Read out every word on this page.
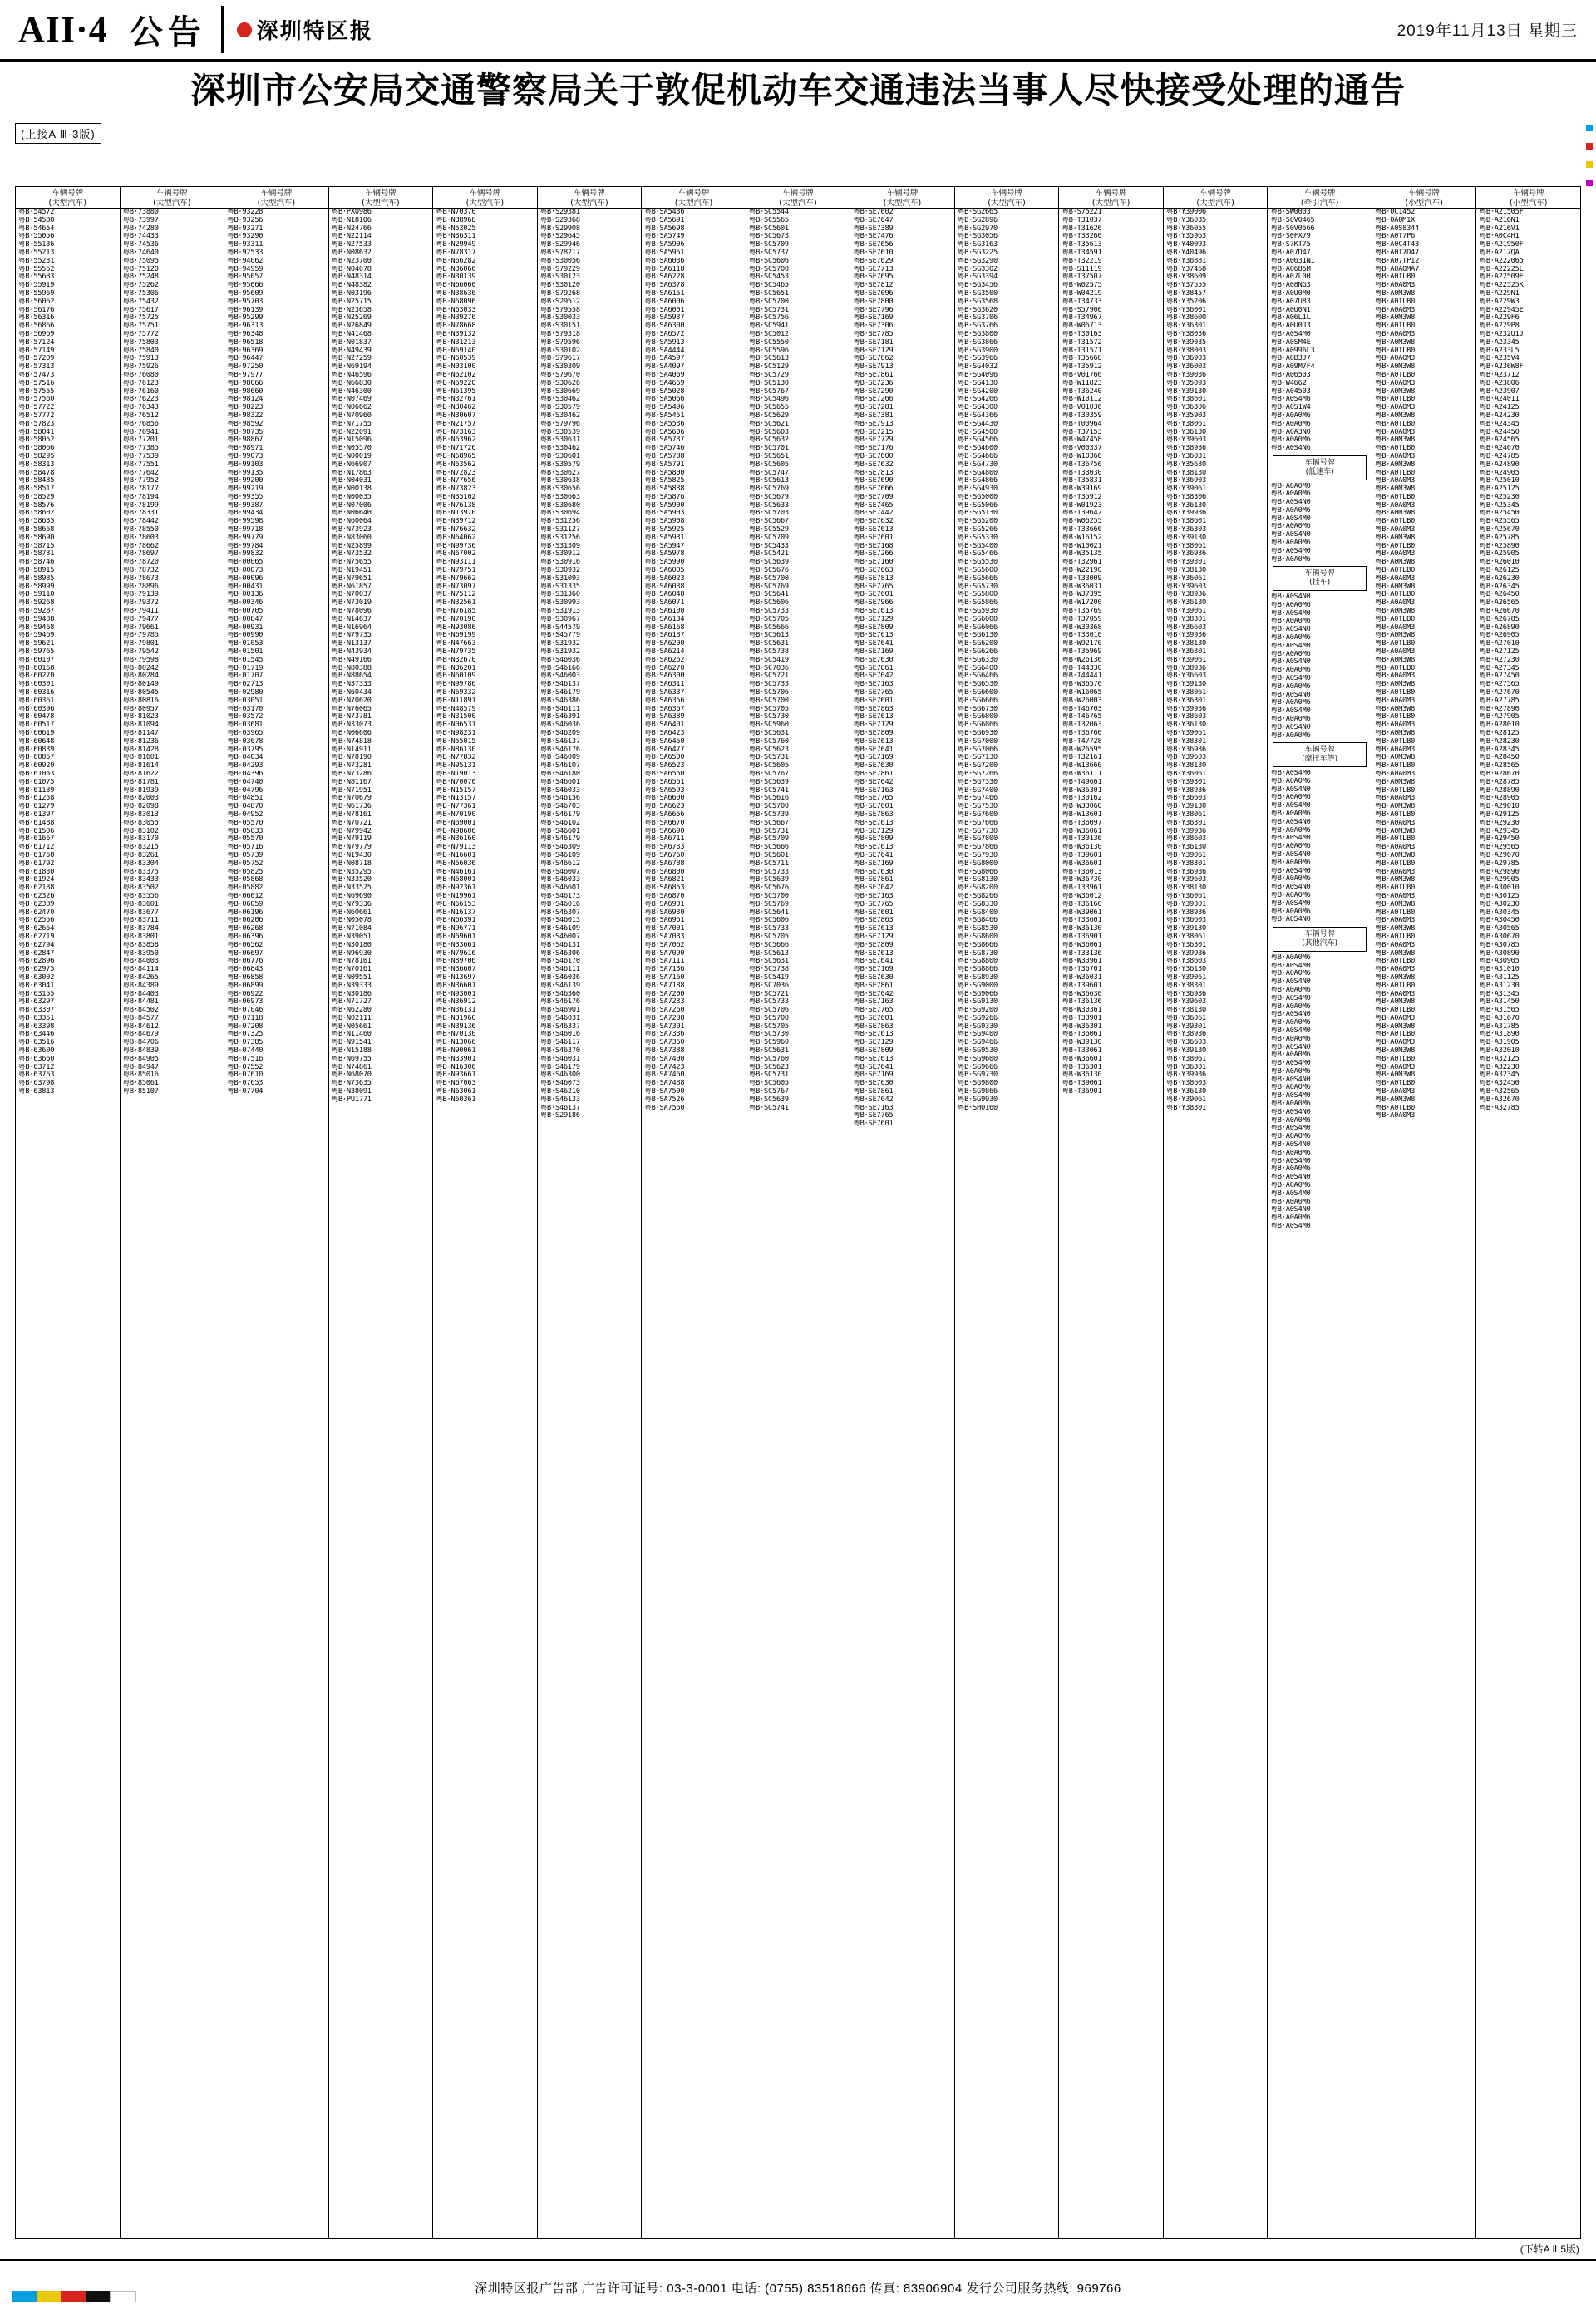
AII·4 公告	深圳特区报	2019年11月13日 星期三
深圳市公安局交通警察局关于敦促机动车交通违法当事人尽快接受处理的通告
(上接A Ⅲ·3版)
车辆号牌
(大型汽车)
粤B·54572
粤B·54580
粤B·54654
粤B·55056
粤B·55136
粤B·55213
粤B·55231
粤B·55562
粤B·55683
粤B·55919
粤B·55969
粤B·56062
粤B·56176
粤B·56316
粤B·56866
粤B·56969
粤B·57124
粤B·57149
粤B·57209
粤B·57313
粤B·57473
粤B·57516
粤B·57555
粤B·57560
粤B·57722
粤B·57772
粤B·57823
粤B·58041
粤B·58052
粤B·58066
粤B·58295
粤B·58313
粤B·58478
粤B·58485
粤B·58517
粤B·58529
粤B·58576
粤B·58602
粤B·58635
粤B·58668
粤B·58690
粤B·58715
粤B·58731
粤B·58746
粤B·58915
粤B·58985
粤B·58999
粤B·59110
粤B·59268
粤B·59287
粤B·59408
粤B·59468
粤B·59469
粤B·59621
粤B·59765
粤B·60107
粤B·60168
粤B·60270
粤B·60301
粤B·60316
粤B·60361
粤B·60396
粤B·60478
粤B·60517
粤B·60619
粤B·60648
粤B·60839
粤B·60857
粤B·60920
粤B·61053
粤B·61075
粤B·61189
粤B·61258
粤B·61279
粤B·61397
粤B·61488
粤B·61506
粤B·61667
粤B·61712
粤B·61758
粤B·61792
粤B·61830
粤B·61924
粤B·62188
粤B·62326
粤B·62389
粤B·62470
粤B·62556
粤B·62664
粤B·62719
粤B·62794
粤B·62847
粤B·62896
粤B·62975
粤B·63002
粤B·63041
粤B·63155
粤B·63297
粤B·63307
粤B·63351
粤B·63398
粤B·63446
粤B·63516
粤B·63600
粤B·63660
粤B·63712
粤B·63763
粤B·63798
粤B·63813
车辆号牌
(大型汽车)
粤B·73880
粤B·73997
粤B·74280
粤B·74433
粤B·74536
粤B·74640
粤B·75095
粤B·75120
粤B·75248
粤B·75262
粤B·75306
粤B·75432
粤B·75617
粤B·75725
粤B·75751
粤B·75772
粤B·75803
粤B·75840
粤B·75913
粤B·75926
粤B·76080
粤B·76123
粤B·76160
粤B·76223
粤B·76343
粤B·76512
粤B·76856
粤B·76941
粤B·77201
粤B·77385
粤B·77539
粤B·77551
粤B·77642
粤B·77952
粤B·78177
粤B·78194
粤B·78199
粤B·78331
粤B·78442
粤B·78550
粤B·78603
粤B·78662
粤B·78697
粤B·78720
粤B·78732
粤B·78673
粤B·78896
粤B·79139
粤B·79372
粤B·79411
粤B·79477
粤B·79661
粤B·79785
粤B·79801
粤B·79542
粤B·79598
粤B·80242
粤B·80284
粤B·80149
粤B·80545
粤B·80816
粤B·80957
粤B·81023
粤B·81094
粤B·81147
粤B·81236
粤B·81428
粤B·81601
粤B·81614
粤B·81622
粤B·81781
粤B·81939
粤B·82003
粤B·82098
粤B·83013
粤B·83055
粤B·83102
粤B·83170
粤B·83215
粤B·83261
粤B·83304
粤B·83375
粤B·83433
粤B·83502
粤B·83556
粤B·83601
粤B·83677
粤B·83711
粤B·83784
粤B·83801
粤B·83858
粤B·83950
粤B·84003
粤B·84114
粤B·84265
粤B·84389
粤B·84403
粤B·84481
粤B·84502
粤B·84577
粤B·84612
粤B·84679
粤B·84706
粤B·84839
粤B·84905
粤B·84947
粤B·85016
粤B·85061
粤B·85107
车辆号牌
(大型汽车)
粤B·93228
粤B·93256
粤B·93271
粤B·93290
粤B·93311
粤B·92533
粤B·94062
粤B·94959
粤B·95057
粤B·95066
粤B·95609
粤B·95703
粤B·96139
粤B·95299
粤B·96313
粤B·96348
粤B·96518
粤B·96369
粤B·96447
粤B·97250
粤B·97977
粤B·98066
粤B·98660
粤B·98124
粤B·98223
粤B·98322
粤B·98592
粤B·98735
粤B·98867
粤B·98971
粤B·99073
粤B·99103
粤B·99135
粤B·99200
粤B·99219
粤B·99355
粤B·99387
粤B·99434
粤B·99598
粤B·99718
粤B·99779
粤B·99784
粤B·99832
粤B·00065
粤B·00073
粤B·00096
粤B·00431
粤B·00136
粤B·00346
粤B·00705
粤B·00847
粤B·00931
粤B·00990
粤B·01053
粤B·01501
粤B·01545
粤B·01719
粤B·01707
粤B·02713
粤B·02980
粤B·03051
粤B·03170
粤B·03572
粤B·03681
粤B·03965
粤B·03678
粤B·03795
粤B·04034
粤B·04293
粤B·04396
粤B·04740
粤B·04796
粤B·04851
粤B·04870
粤B·04952
粤B·05570
粤B·05033
粤B·05570
粤B·05716
粤B·05739
粤B·05752
粤B·05825
粤B·05868
粤B·05882
粤B·06012
粤B·06059
粤B·06196
粤B·06206
粤B·06268
粤B·06396
粤B·06562
粤B·06697
粤B·06776
粤B·06843
粤B·06858
粤B·06899
粤B·06922
粤B·06973
粤B·07046
粤B·07118
粤B·07208
粤B·07325
粤B·07385
粤B·07440
粤B·07516
粤B·07552
粤B·07610
粤B·07653
粤B·07704
车辆号牌
(大型汽车)
粤B·PX0986
粤B·N18106
粤B·N24766
粤B·N22114
粤B·N27533
粤B·N08632
粤B·N23700
粤B·N04078
粤B·N48314
粤B·N48382
粤B·N03196
粤B·N25715
粤B·N23658
粤B·N25269
粤B·N26849
粤B·N41468
粤B·N01837
粤B·N49439
粤B·N27259
粤B·N69194
粤B·N46596
粤B·N66830
粤B·N46300
粤B·N07469
粤B·N06662
粤B·N70960
粤B·N71755
粤B·N22091
粤B·N15096
粤B·N05570
粤B·N00019
粤B·N66907
粤B·N17863
粤B·N04031
粤B·N00138
粤B·N00035
粤B·N07006
粤B·N06640
粤B·N60064
粤B·N73923
粤B·N83060
粤B·N25899
粤B·N73532
粤B·N75655
粤B·N19451
粤B·N79651
粤B·N61857
粤B·N70037
粤B·N73019
粤B·N78096
粤B·N14637
粤B·N16964
粤B·N79735
粤B·N13137
粤B·N43934
粤B·N49166
粤B·N80388
粤B·N88654
粤B·N37333
粤B·N60434
粤B·N70620
粤B·N76065
粤B·N73781
粤B·N33073
粤B·N06606
粤B·N74818
粤B·N14911
粤B·N78190
粤B·N73281
粤B·N73286
粤B·N81167
粤B·N71951
粤B·N70679
粤B·N61736
粤B·N78161
粤B·N70721
粤B·N79942
粤B·N79119
粤B·N79779
粤B·N19430
粤B·N08718
粤B·N35295
粤B·N33520
粤B·N33525
粤B·N69690
粤B·N79336
粤B·N60661
粤B·N05078
粤B·N71084
粤B·N39051
粤B·N30180
粤B·N96930
粤B·N78101
粤B·N70161
粤B·N09551
粤B·N39333
粤B·N30186
粤B·N71727
粤B·N62280
粤B·N02111
粤B·N05661
粤B·N11460
粤B·N91541
粤B·N15188
粤B·N69755
粤B·N74861
粤B·N68070
粤B·N73635
粤B·N38091
粤B·PU1771
车辆号牌
(大型汽车)
粤B·N70370
粤B·N38968
粤B·N53025
粤B·N36311
粤B·N29949
粤B·N78317
粤B·N66282
粤B·N36066
粤B·N30139
粤B·N66060
粤B·N38636
粤B·N68096
粤B·N63033
粤B·N39276
粤B·N78668
粤B·N39132
粤B·N31213
粤B·N69140
粤B·N60539
粤B·N03100
粤B·N62102
粤B·N69220
粤B·N61395
粤B·N32761
粤B·N30462
粤B·N30607
粤B·N21757
粤B·N73163
粤B·N63962
粤B·N71726
粤B·N68965
粤B·N63562
粤B·N72823
粤B·N77656
粤B·N73823
粤B·N35102
粤B·N76138
粤B·N13970
粤B·N39712
粤B·N76632
粤B·N64062
粤B·N99736
粤B·N67002
粤B·N93111
粤B·N79751
粤B·N79662
粤B·N73097
粤B·N75112
粤B·N32561
粤B·N76185
粤B·N70190
粤B·N93086
粤B·N69199
粤B·N47663
粤B·N79735
粤B·N32670
粤B·N36201
粤B·N60109
粤B·N99786
粤B·N69332
粤B·N11891
粤B·N48579
粤B·N31500
粤B·N06531
粤B·N98231
粤B·N55015
粤B·N86130
粤B·N77832
粤B·N95131
粤B·N19013
粤B·N70070
粤B·N15157
粤B·N13157
粤B·N77361
粤B·N70190
粤B·N69001
粤B·N98606
粤B·N36160
粤B·N79113
粤B·N16601
粤B·N66036
粤B·N46161
粤B·N68001
粤B·N92361
粤B·N19961
粤B·N66153
粤B·N16137
粤B·N66391
粤B·N96771
粤B·N69601
粤B·N33661
粤B·N79616
粤B·N89706
粤B·N36607
粤B·N13697
粤B·N36601
粤B·N93001
粤B·N36912
粤B·N36131
粤B·N31960
粤B·N39136
粤B·N70130
粤B·N13066
粤B·N90061
粤B·N33901
粤B·N16306
粤B·N93661
粤B·N67063
粤B·N63061
粤B·N60361
车辆号牌
(大型汽车)
粤B·S29381
粤B·S29368
粤B·S29908
粤B·S29645
粤B·S29946
粤B·S78217
粤B·S30056
粤B·S79229
粤B·S30123
粤B·S30120
粤B·S79268
粤B·S29512
粤B·S79558
粤B·S30033
粤B·S30151
粤B·S79318
粤B·S79596
粤B·S30102
粤B·S79617
粤B·S30309
粤B·S79670
粤B·S30626
粤B·S30669
粤B·S30462
粤B·S30579
粤B·S30462
粤B·S79796
粤B·S30539
粤B·S30631
粤B·S30462
粤B·S30601
粤B·S30579
粤B·S30627
粤B·S30638
粤B·S30656
粤B·S30663
粤B·S30680
粤B·S30694
粤B·S31256
粤B·S31127
粤B·S31256
粤B·S31309
粤B·S30912
粤B·S30916
粤B·S30932
粤B·S31093
粤B·S31335
粤B·S31360
粤B·S30993
粤B·S31913
粤B·S30967
粤B·S44579
粤B·S45779
粤B·S31932
粤B·S31932
粤B·S46036
粤B·S46166
粤B·S46003
粤B·S46137
粤B·S46179
粤B·S46386
粤B·S46111
粤B·S46391
粤B·S46036
粤B·S46209
粤B·S46137
粤B·S46176
粤B·S46009
粤B·S46107
粤B·S46180
粤B·S46601
粤B·S46033
粤B·S46156
粤B·S46703
粤B·S46179
粤B·S46102
粤B·S46601
粤B·S46179
粤B·S46309
粤B·S46109
粤B·S46612
粤B·S46007
粤B·S46033
粤B·S46601
粤B·S46173
粤B·S46016
粤B·S46307
粤B·S46013
粤B·S46109
粤B·S46007
粤B·S46131
粤B·S46306
粤B·S46170
粤B·S46111
粤B·S46036
粤B·S46139
粤B·S46360
粤B·S46176
粤B·S46901
粤B·S46031
粤B·S46337
粤B·S46016
粤B·S46117
粤B·S46370
粤B·S46031
粤B·S46179
粤B·S46300
粤B·S46073
粤B·S46210
粤B·S46133
粤B·S46137
粤B·S29186
车辆号牌
(大型汽车)
粤B·SA5436
粤B·SA5691
粤B·SA5698
粤B·SA5749
粤B·SA5906
粤B·SA5951
粤B·SA6036
粤B·SA6118
粤B·SA6228
粤B·SA6378
粤B·SA6151
粤B·SA6006
粤B·SA6001
粤B·SA5937
粤B·SA6300
粤B·SA6572
粤B·SA5913
粤B·SA4444
粤B·SA4597
粤B·SA4097
粤B·SA4069
粤B·SA4669
粤B·SA5028
粤B·SA5066
粤B·SA5496
粤B·SA5451
粤B·SA5536
粤B·SA5606
粤B·SA5737
粤B·SA5746
粤B·SA5788
粤B·SA5791
粤B·SA5800
粤B·SA5825
粤B·SA5838
粤B·SA5876
粤B·SA5900
粤B·SA5903
粤B·SA5908
粤B·SA5925
粤B·SA5931
粤B·SA5947
粤B·SA5978
粤B·SA5990
粤B·SA6005
粤B·SA6023
粤B·SA6038
粤B·SA6048
粤B·SA6071
粤B·SA6100
粤B·SA6134
粤B·SA6168
粤B·SA6187
粤B·SA6200
粤B·SA6214
粤B·SA6262
粤B·SA6270
粤B·SA6300
粤B·SA6311
粤B·SA6337
粤B·SA6356
粤B·SA6367
粤B·SA6389
粤B·SA6401
粤B·SA6423
粤B·SA6450
粤B·SA6477
粤B·SA6500
粤B·SA6523
粤B·SA6550
粤B·SA6561
粤B·SA6593
粤B·SA6600
粤B·SA6623
粤B·SA6656
粤B·SA6670
粤B·SA6690
粤B·SA6711
粤B·SA6733
粤B·SA6760
粤B·SA6788
粤B·SA6800
粤B·SA6821
粤B·SA6853
粤B·SA6870
粤B·SA6901
粤B·SA6930
粤B·SA6961
粤B·SA7001
粤B·SA7033
粤B·SA7062
粤B·SA7090
粤B·SA7111
粤B·SA7136
粤B·SA7160
粤B·SA7188
粤B·SA7200
粤B·SA7233
粤B·SA7260
粤B·SA7288
粤B·SA7301
粤B·SA7336
粤B·SA7360
粤B·SA7388
粤B·SA7400
粤B·SA7423
粤B·SA7460
粤B·SA7488
粤B·SA7500
粤B·SA7526
粤B·SA7560
车辆号牌
(大型汽车)
粤B·SC5544
粤B·SC5565
粤B·SC5601
粤B·SC5673
粤B·SC5709
粤B·SC5737
粤B·SC5606
粤B·SC5700
粤B·SC5453
粤B·SC5465
粤B·SC5651
粤B·SC5700
粤B·SC5731
粤B·SC5756
粤B·SC5941
粤B·SC5012
粤B·SC5550
粤B·SC5596
粤B·SC5613
粤B·SC5129
粤B·SC5729
粤B·SC5130
粤B·SC5767
粤B·SC5496
粤B·SC5655
粤B·SC5629
粤B·SC5621
粤B·SC5603
粤B·SC5632
粤B·SC5701
粤B·SC5651
粤B·SC5605
粤B·SC5747
粤B·SC5613
粤B·SC5769
粤B·SC5679
粤B·SC5633
粤B·SC5703
粤B·SC5667
粤B·SC5529
粤B·SC5709
粤B·SC5433
粤B·SC5421
粤B·SC5639
粤B·SC5676
粤B·SC5700
粤B·SC5769
粤B·SC5641
粤B·SC5606
粤B·SC5733
粤B·SC5705
粤B·SC5666
粤B·SC5613
粤B·SC5631
粤B·SC5738
粤B·SC5419
粤B·SC7036
粤B·SC5721
粤B·SC5733
粤B·SC5706
粤B·SC5700
粤B·SC5705
粤B·SC5730
粤B·SC5960
粤B·SC5631
粤B·SC5760
粤B·SC5623
粤B·SC5731
粤B·SC5605
粤B·SC5767
粤B·SC5639
粤B·SC5741
粤B·SC5616
粤B·SC5700
粤B·SC5739
粤B·SC5667
粤B·SC5731
粤B·SC5709
粤B·SC5666
粤B·SC5601
粤B·SC5711
粤B·SC5733
粤B·SC5639
粤B·SC5676
粤B·SC5700
粤B·SC5769
粤B·SC5641
粤B·SC5606
粤B·SC5733
粤B·SC5705
粤B·SC5666
粤B·SC5613
粤B·SC5631
粤B·SC5738
粤B·SC5419
粤B·SC7036
粤B·SC5721
粤B·SC5733
粤B·SC5706
粤B·SC5700
粤B·SC5705
粤B·SC5730
粤B·SC5960
粤B·SC5631
粤B·SC5760
粤B·SC5623
粤B·SC5731
粤B·SC5605
粤B·SC5767
粤B·SC5639
粤B·SC5741
车辆号牌
(大型汽车)
粤B·SE7602
粤B·SE7647
粤B·SE7389
粤B·SE7476
粤B·SE7656
粤B·SE7610
粤B·SE7629
粤B·SE7713
粤B·SE7695
粤B·SE7812
粤B·SE7096
粤B·SE7800
粤B·SE7796
粤B·SE7169
粤B·SE7306
粤B·SE7785
粤B·SE7181
粤B·SE7129
粤B·SE7862
粤B·SE7913
粤B·SE7861
粤B·SE7236
粤B·SE7290
粤B·SE7266
粤B·SE7281
粤B·SE7381
粤B·SE7913
粤B·SE7215
粤B·SE7729
粤B·SE7176
粤B·SE7600
粤B·SE7632
粤B·SE7813
粤B·SE7690
粤B·SE7666
粤B·SE7709
粤B·SE7465
粤B·SE7442
粤B·SE7632
粤B·SE7613
粤B·SE7601
粤B·SE7168
粤B·SE7266
粤B·SE7160
粤B·SE7663
粤B·SE7813
粤B·SE7765
粤B·SE7601
粤B·SE7966
粤B·SE7613
粤B·SE7129
粤B·SE7809
粤B·SE7613
粤B·SE7641
粤B·SE7169
粤B·SE7630
粤B·SE7861
粤B·SE7042
粤B·SE7163
粤B·SE7765
粤B·SE7601
粤B·SE7863
粤B·SE7613
粤B·SE7129
粤B·SE7809
粤B·SE7613
粤B·SE7641
粤B·SE7169
粤B·SE7630
粤B·SE7861
粤B·SE7042
粤B·SE7163
粤B·SE7765
粤B·SE7601
粤B·SE7863
粤B·SE7613
粤B·SE7129
粤B·SE7809
粤B·SE7613
粤B·SE7641
粤B·SE7169
粤B·SE7630
粤B·SE7861
粤B·SE7042
粤B·SE7163
粤B·SE7765
粤B·SE7601
粤B·SE7863
粤B·SE7613
粤B·SE7129
粤B·SE7809
粤B·SE7613
粤B·SE7641
粤B·SE7169
粤B·SE7630
粤B·SE7861
粤B·SE7042
粤B·SE7163
粤B·SE7765
粤B·SE7601
粤B·SE7863
粤B·SE7613
粤B·SE7129
粤B·SE7809
粤B·SE7613
粤B·SE7641
粤B·SE7169
粤B·SE7630
粤B·SE7861
粤B·SE7042
粤B·SE7163
粤B·SE7765
粤B·SE7601
车辆号牌
(大型汽车)
粤B·SG2665
粤B·SG2896
粤B·SG2970
粤B·SG3056
粤B·SG3163
粤B·SG3225
粤B·SG3290
粤B·SG3302
粤B·SG3394
粤B·SG3456
粤B·SG3500
粤B·SG3568
粤B·SG3620
粤B·SG3706
粤B·SG3766
粤B·SG3800
粤B·SG3866
粤B·SG3900
粤B·SG3966
粤B·SG4032
粤B·SG4096
粤B·SG4130
粤B·SG4200
粤B·SG4266
粤B·SG4300
粤B·SG4366
粤B·SG4430
粤B·SG4500
粤B·SG4566
粤B·SG4600
粤B·SG4666
粤B·SG4730
粤B·SG4800
粤B·SG4866
粤B·SG4930
粤B·SG5000
粤B·SG5066
粤B·SG5130
粤B·SG5200
粤B·SG5266
粤B·SG5330
粤B·SG5400
粤B·SG5466
粤B·SG5530
粤B·SG5600
粤B·SG5666
粤B·SG5730
粤B·SG5800
粤B·SG5866
粤B·SG5930
粤B·SG6000
粤B·SG6066
粤B·SG6130
粤B·SG6200
粤B·SG6266
粤B·SG6330
粤B·SG6400
粤B·SG6466
粤B·SG6530
粤B·SG6600
粤B·SG6666
粤B·SG6730
粤B·SG6800
粤B·SG6866
粤B·SG6930
粤B·SG7000
粤B·SG7066
粤B·SG7130
粤B·SG7200
粤B·SG7266
粤B·SG7330
粤B·SG7400
粤B·SG7466
粤B·SG7530
粤B·SG7600
粤B·SG7666
粤B·SG7730
粤B·SG7800
粤B·SG7866
粤B·SG7930
粤B·SG8000
粤B·SG8066
粤B·SG8130
粤B·SG8200
粤B·SG8266
粤B·SG8330
粤B·SG8400
粤B·SG8466
粤B·SG8530
粤B·SG8600
粤B·SG8666
粤B·SG8730
粤B·SG8800
粤B·SG8866
粤B·SG8930
粤B·SG9000
粤B·SG9066
粤B·SG9130
粤B·SG9200
粤B·SG9266
粤B·SG9330
粤B·SG9400
粤B·SG9466
粤B·SG9530
粤B·SG9600
粤B·SG9666
粤B·SG9730
粤B·SG9800
粤B·SG9866
粤B·SG9930
粤B·SH0160
车辆号牌
(大型汽车)
粤B·S75221
粤B·T31037
粤B·T31626
粤B·T33260
粤B·T35613
粤B·T34591
粤B·T32219
粤B·S11119
粤B·T37507
粤B·W02575
粤B·W04219
粤B·T34733
粤B·S57906
粤B·T34967
粤B·W06713
粤B·T30163
粤B·T31572
粤B·T31571
粤B·T35668
粤B·T35912
粤B·V01766
粤B·W11823
粤B·T36240
粤B·W10112
粤B·V01036
粤B·T30359
粤B·T00964
粤B·T37153
粤B·W47458
粤B·V00337
粤B·W10366
粤B·T36756
粤B·T33030
粤B·T35831
粤B·W39169
粤B·T35912
粤B·W01923
粤B·T39642
粤B·W06255
粤B·T33666
粤B·W16152
粤B·W10021
粤B·W35135
粤B·T32961
粤B·W22190
粤B·T33009
粤B·W36031
粤B·W37395
粤B·W17200
粤B·T35769
粤B·T37059
粤B·W30368
粤B·T33010
粤B·W92170
粤B·T35969
粤B·W26136
粤B·T44330
粤B·T44441
粤B·W36570
粤B·W16065
粤B·W26003
粤B·T46703
粤B·T46765
粤B·T32063
粤B·T36760
粤B·T47728
粤B·W26595
粤B·T32161
粤B·W13660
粤B·W36111
粤B·T49661
粤B·W36301
粤B·T30162
粤B·W33060
粤B·W13601
粤B·T36097
粤B·W36061
粤B·T30136
粤B·W36130
粤B·T39601
粤B·W36601
粤B·T36013
粤B·W36730
粤B·T33961
粤B·W36012
粤B·T36160
粤B·W39061
粤B·T33601
粤B·W36130
粤B·T36901
粤B·W36061
粤B·T33136
粤B·W30961
粤B·T36701
粤B·W36031
粤B·T39601
粤B·W36630
粤B·T36136
粤B·W30361
粤B·T33901
粤B·W36301
粤B·T36061
粤B·W39130
粤B·T33061
粤B·W36601
粤B·T36301
粤B·W36130
粤B·T39061
粤B·T36901
车辆号牌
(大型汽车)
粤B·Y39006
粤B·Y36035
粤B·Y36055
粤B·Y35963
粤B·Y40093
粤B·Y40496
粤B·Y36881
粤B·Y37468
粤B·Y38609
粤B·Y37555
粤B·Y38457
粤B·Y35206
粤B·Y36001
粤B·Y38600
粤B·Y36301
粤B·Y38036
粤B·Y39035
粤B·Y38003
粤B·Y36903
粤B·Y36003
粤B·Y39036
粤B·Y35093
粤B·Y39130
粤B·Y38601
粤B·Y36306
粤B·Y35903
粤B·Y38061
粤B·Y36130
粤B·Y39603
粤B·Y38936
粤B·Y36031
粤B·Y35630
粤B·Y38130
粤B·Y36903
粤B·Y39061
粤B·Y38306
粤B·Y36130
粤B·Y39936
粤B·Y38601
粤B·Y36303
粤B·Y39130
粤B·Y38061
粤B·Y36936
粤B·Y39301
粤B·Y38130
粤B·Y36061
粤B·Y39603
粤B·Y38936
粤B·Y36130
粤B·Y39061
粤B·Y38301
粤B·Y36603
粤B·Y39936
粤B·Y38130
粤B·Y36301
粤B·Y39061
粤B·Y38936
粤B·Y36603
粤B·Y39130
粤B·Y38061
粤B·Y36301
粤B·Y39936
粤B·Y38603
粤B·Y36130
粤B·Y39061
粤B·Y38301
粤B·Y36936
粤B·Y39603
粤B·Y38130
粤B·Y36061
粤B·Y39301
粤B·Y38936
粤B·Y36603
粤B·Y39130
粤B·Y38061
粤B·Y36301
粤B·Y39936
粤B·Y38603
粤B·Y36130
粤B·Y39061
粤B·Y38301
粤B·Y36936
粤B·Y39603
粤B·Y38130
粤B·Y36061
粤B·Y39301
粤B·Y38936
粤B·Y36603
粤B·Y39130
粤B·Y38061
粤B·Y36301
粤B·Y39936
粤B·Y38603
粤B·Y36130
粤B·Y39061
粤B·Y38301
粤B·Y36936
粤B·Y39603
粤B·Y38130
粤B·Y36061
粤B·Y39301
粤B·Y38936
粤B·Y36603
粤B·Y39130
粤B·Y38061
粤B·Y36301
粤B·Y39936
粤B·Y38603
粤B·Y36130
粤B·Y39061
粤B·Y38301
车辆号牌
(牵引汽车)
粤B·SW0003
粤B·S0V0465
粤B·S0V0566
粤B·S0FX79
粤B·S7KT75
粤B·A07D47
粤B·A0631N1
粤B·A0685M
粤B·A07L00
粤B·A08NG3
粤B·A0U0M0
粤B·A07U83
粤B·A0U0N1
粤B·A06L1L
粤B·A0U0J3
粤B·A0S4M0
粤B·A0SM4E
粤B·A0996L3
粤B·A0B3J7
粤B·A09M7F4
粤B·A06503
粤B·W4662
粤B·A04503
粤B·A0S4M6
粤B·A0S1W4
粤B·A0A0M6
粤B·A0A0M6
粤B·A0A3N0
粤B·A0A0M6
粤B·A0S4N6
车辆号牌
(低速车)
粤B·A0A0M0
粤B·A0A0M6
粤B·A0S4N0
粤B·A0A0M6
粤B·A0S4M0
粤B·A0A0M6
粤B·A0S4N0
粤B·A0A0M6
粤B·A0S4M0
粤B·A0A0M6
车辆号牌
(挂车)
粤B·A0S4N0
粤B·A0A0M6
粤B·A0S4M0
粤B·A0A0M6
粤B·A0S4N0
粤B·A0A0M6
粤B·A0S4M0
粤B·A0A0M6
粤B·A0S4N0
粤B·A0A0M6
粤B·A0S4M0
粤B·A0A0M6
粤B·A0S4N0
粤B·A0A0M6
粤B·A0S4M0
粤B·A0A0M6
粤B·A0S4N0
粤B·A0A0M6
车辆号牌
(摩托车等)
粤B·A0S4M0
粤B·A0A0M6
粤B·A0S4N0
粤B·A0A0M6
粤B·A0S4M0
粤B·A0A0M6
粤B·A0S4N0
粤B·A0A0M6
粤B·A0S4M0
粤B·A0A0M6
粤B·A0S4N0
粤B·A0A0M6
粤B·A0S4M0
粤B·A0A0M6
粤B·A0S4N0
粤B·A0A0M6
粤B·A0S4M0
粤B·A0A0M6
粤B·A0S4N0
车辆号牌
(其他汽车)
粤B·A0A0M6
粤B·A0S4M0
粤B·A0A0M6
粤B·A0S4N0
粤B·A0A0M6
粤B·A0S4M0
粤B·A0A0M6
粤B·A0S4N0
粤B·A0A0M6
粤B·A0S4M0
粤B·A0A0M6
粤B·A0S4N0
粤B·A0A0M6
粤B·A0S4M0
粤B·A0A0M6
粤B·A0S4N0
粤B·A0A0M6
粤B·A0S4M0
粤B·A0A0M6
粤B·A0S4N0
粤B·A0A0M6
粤B·A0S4M0
粤B·A0A0M6
粤B·A0S4N0
粤B·A0A0M6
粤B·A0S4M0
粤B·A0A0M6
粤B·A0S4N0
粤B·A0A0M6
粤B·A0S4M0
粤B·A0A0M6
粤B·A0S4N0
粤B·A0A0M6
粤B·A0S4M0
车辆号牌
(小型汽车)
粤B·0C1452
粤B·0A0M1X
粤B·A0S8344
粤B·A0T7P6
粤B·A0C4T43
粤B·A0T7D47
粤B·A07TP12
粤B·A0A0MA7
粤B·A0TLB0
粤B·A0A0M3
粤B·A0M3W8
粤B·A0TLB0
粤B·A0A0M3
粤B·A0M3W8
粤B·A0TLB0
粤B·A0A0M3
粤B·A0M3W8
粤B·A0TLB0
粤B·A0A0M3
粤B·A0M3W8
粤B·A0TLB0
粤B·A0A0M3
粤B·A0M3W8
粤B·A0TLB0
粤B·A0A0M3
粤B·A0M3W8
粤B·A0TLB0
粤B·A0A0M3
粤B·A0M3W8
粤B·A0TLB0
粤B·A0A0M3
粤B·A0M3W8
粤B·A0TLB0
粤B·A0A0M3
粤B·A0M3W8
粤B·A0TLB0
粤B·A0A0M3
粤B·A0M3W8
粤B·A0TLB0
粤B·A0A0M3
粤B·A0M3W8
粤B·A0TLB0
粤B·A0A0M3
粤B·A0M3W8
粤B·A0TLB0
粤B·A0A0M3
粤B·A0M3W8
粤B·A0TLB0
粤B·A0A0M3
粤B·A0M3W8
粤B·A0TLB0
粤B·A0A0M3
粤B·A0M3W8
粤B·A0TLB0
粤B·A0A0M3
粤B·A0M3W8
粤B·A0TLB0
粤B·A0A0M3
粤B·A0M3W8
粤B·A0TLB0
粤B·A0A0M3
粤B·A0M3W8
粤B·A0TLB0
粤B·A0A0M3
粤B·A0M3W8
粤B·A0TLB0
粤B·A0A0M3
粤B·A0M3W8
粤B·A0TLB0
粤B·A0A0M3
粤B·A0M3W8
粤B·A0TLB0
粤B·A0A0M3
粤B·A0M3W8
粤B·A0TLB0
粤B·A0A0M3
粤B·A0M3W8
粤B·A0TLB0
粤B·A0A0M3
粤B·A0M3W8
粤B·A0TLB0
粤B·A0A0M3
粤B·A0M3W8
粤B·A0TLB0
粤B·A0A0M3
粤B·A0M3W8
粤B·A0TLB0
粤B·A0A0M3
粤B·A0M3W8
粤B·A0TLB0
粤B·A0A0M3
粤B·A0M3W8
粤B·A0TLB0
粤B·A0A0M3
粤B·A0M3W8
粤B·A0TLB0
粤B·A0A0M3
粤B·A0M3W8
粤B·A0TLB0
粤B·A0A0M3
粤B·A0M3W8
粤B·A0TLB0
粤B·A0A0M3
粤B·A0M3W8
粤B·A0TLB0
粤B·A0A0M3
粤B·A0M3W8
粤B·A0TLB0
粤B·A0A0M3
粤B·A0M3W8
粤B·A0TLB0
粤B·A0A0M3
车辆号牌
(小型汽车)
粤B·A21505F
粤B·A216N1
粤B·A216V1
粤B·A0C4H1
粤B·A21950F
粤B·A217QA
粤B·A222065
粤B·A22225L
粤B·A22509E
粤B·A22525K
粤B·A229N1
粤B·A229W3
粤B·A22945E
粤B·A229F6
粤B·A229P8
粤B·A232U1J
粤B·A23345
粤B·A233L5
粤B·A235V4
粤B·A236W8F
粤B·A23712
粤B·A23806
粤B·A23907
粤B·A24011
粤B·A24125
粤B·A24230
粤B·A24345
粤B·A24450
粤B·A24565
粤B·A24670
粤B·A24785
粤B·A24890
粤B·A24905
粤B·A25010
粤B·A25125
粤B·A25230
粤B·A25345
粤B·A25450
粤B·A25565
粤B·A25670
粤B·A25785
粤B·A25890
粤B·A25905
粤B·A26010
粤B·A26125
粤B·A26230
粤B·A26345
粤B·A26450
粤B·A26565
粤B·A26670
粤B·A26785
粤B·A26890
粤B·A26905
粤B·A27010
粤B·A27125
粤B·A27230
粤B·A27345
粤B·A27450
粤B·A27565
粤B·A27670
粤B·A27785
粤B·A27890
粤B·A27905
粤B·A28010
粤B·A28125
粤B·A28230
粤B·A28345
粤B·A28450
粤B·A28565
粤B·A28670
粤B·A28785
粤B·A28890
粤B·A28905
粤B·A29010
粤B·A29125
粤B·A29230
粤B·A29345
粤B·A29450
粤B·A29565
粤B·A29670
粤B·A29785
粤B·A29890
粤B·A29905
粤B·A30010
粤B·A30125
粤B·A30230
粤B·A30345
粤B·A30450
粤B·A30565
粤B·A30670
粤B·A30785
粤B·A30890
粤B·A30905
粤B·A31010
粤B·A31125
粤B·A31230
粤B·A31345
粤B·A31450
粤B·A31565
粤B·A31670
粤B·A31785
粤B·A31890
粤B·A31905
粤B·A32010
粤B·A32125
粤B·A32230
粤B·A32345
粤B·A32450
粤B·A32565
粤B·A32670
粤B·A32785
(下转A Ⅱ·5版)
深圳特区报广告部 广告许可证号: 03-3-0001 电话: (0755) 83518666 传真: 83906904 发行公司服务热线: 969766
